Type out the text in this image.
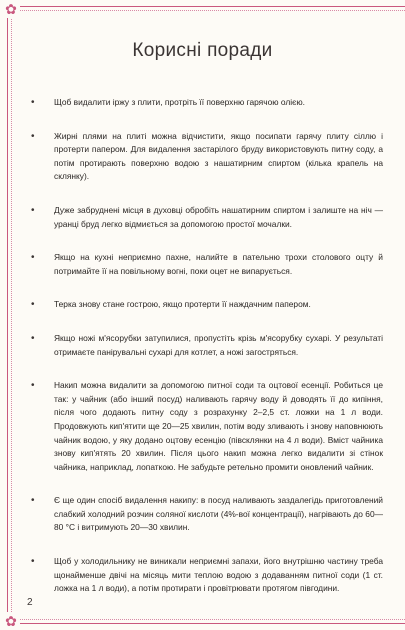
✿
✿
Корисні поради
• Щоб видалити іржу з плити, протріть її поверхню гарячою олією.
• Жирні плями на плиті можна відчистити, якщо посипати гарячу плиту сіллю і протерти папером. Для видалення застарілого бруду використовують питну соду, а потім протирають поверхню водою з нашатирним спиртом (кілька крапель на склянку).
• Дуже забруднені місця в духовці обробіть нашатирним спиртом і залиште на ніч — уранці бруд легко відмиється за допомогою простої мочалки.
• Якщо на кухні неприємно пахне, налийте в пательню трохи столового оцту й потримайте її на повільному вогні, поки оцет не випарується.
• Терка знову стане гострою, якщо протерти її наждачним папером.
• Якщо ножі м'ясорубки затупилися, пропустіть крізь м'ясорубку сухарі. У результаті отримаєте панірувальні сухарі для котлет, а ножі загостряться.
• Накип можна видалити за допомогою питної соди та оцтової есенції. Робиться це так: у чайник (або інший посуд) наливають гарячу воду й доводять її до кипіння, після чого додають питну соду з розрахунку 2–2,5 ст. ложки на 1 л води. Продовжують кип'ятити ще 20—25 хвилин, потім воду зливають і знову наповнюють чайник водою, у яку додано оцтову есенцію (півсклянки на 4 л води). Вміст чайника знову кип'ятять 20 хвилин. Після цього накип можна легко видалити зі стінок чайника, наприклад, лопаткою. Не забудьте ретельно промити оновлений чайник.
• Є ще один спосіб видалення накипу: в посуд наливають заздалегідь приготовлений слабкий холодний розчин соляної кислоти (4%-вої концентрації), нагрівають до 60—80 °С і витримують 20—30 хвилин.
• Щоб у холодильнику не виникали неприємні запахи, його внутрішню частину треба щонайменше двічі на місяць мити теплою водою з додаванням питної соди (1 ст. ложка на 1 л води), а потім протирати і провітрювати протягом півгодини.
2
